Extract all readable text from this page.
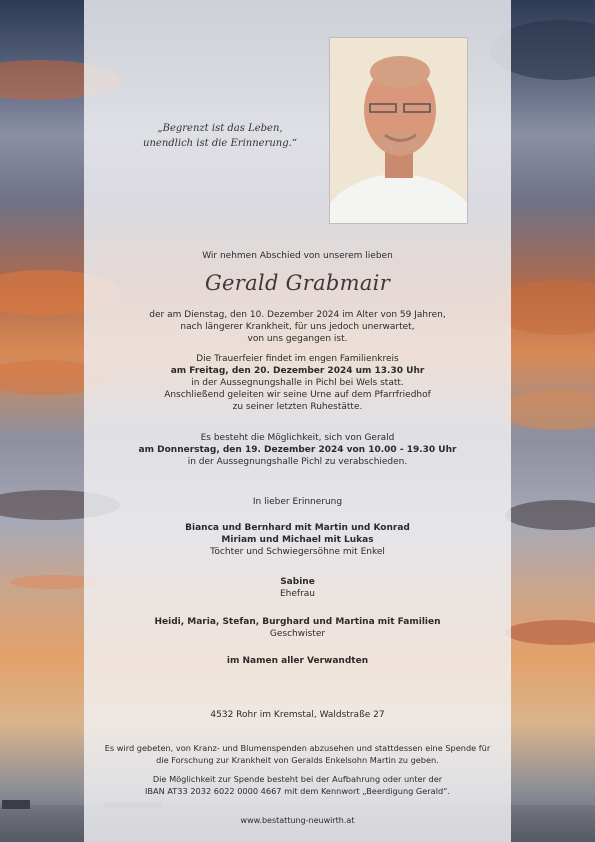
„Begrenzt ist das Leben,
unendlich ist die Erinnerung.“
Wir nehmen Abschied von unserem lieben
Gerald Grabmair
der am Dienstag, den 10. Dezember 2024 im Alter von 59 Jahren,
nach längerer Krankheit, für uns jedoch unerwartet,
von uns gegangen ist.
Die Trauerfeier findet im engen Familienkreis
am Freitag, den 20. Dezember 2024 um 13.30 Uhr
in der Aussegnungshalle in Pichl bei Wels statt.
Anschließend geleiten wir seine Urne auf dem Pfarrfriedhof
zu seiner letzten Ruhestätte.
Es besteht die Möglichkeit, sich von Gerald
am Donnerstag, den 19. Dezember 2024 von 10.00 - 19.30 Uhr
in der Aussegnungshalle Pichl zu verabschieden.
In lieber Erinnerung
Bianca und Bernhard mit Martin und Konrad
Miriam und Michael mit Lukas
Töchter und Schwiegersöhne mit Enkel
Sabine
Ehefrau
Heidi, Maria, Stefan, Burghard und Martina mit Familien
Geschwister
im Namen aller Verwandten
4532 Rohr im Kremstal, Waldstraße 27
Es wird gebeten, von Kranz- und Blumenspenden abzusehen und stattdessen eine Spende für
die Forschung zur Krankheit von Geralds Enkelsohn Martin zu geben.
Die Möglichkeit zur Spende besteht bei der Aufbahrung oder unter der
IBAN AT33 2032 6022 0000 4667 mit dem Kennwort „Beerdigung Gerald“.
www.bestattung-neuwirth.at
